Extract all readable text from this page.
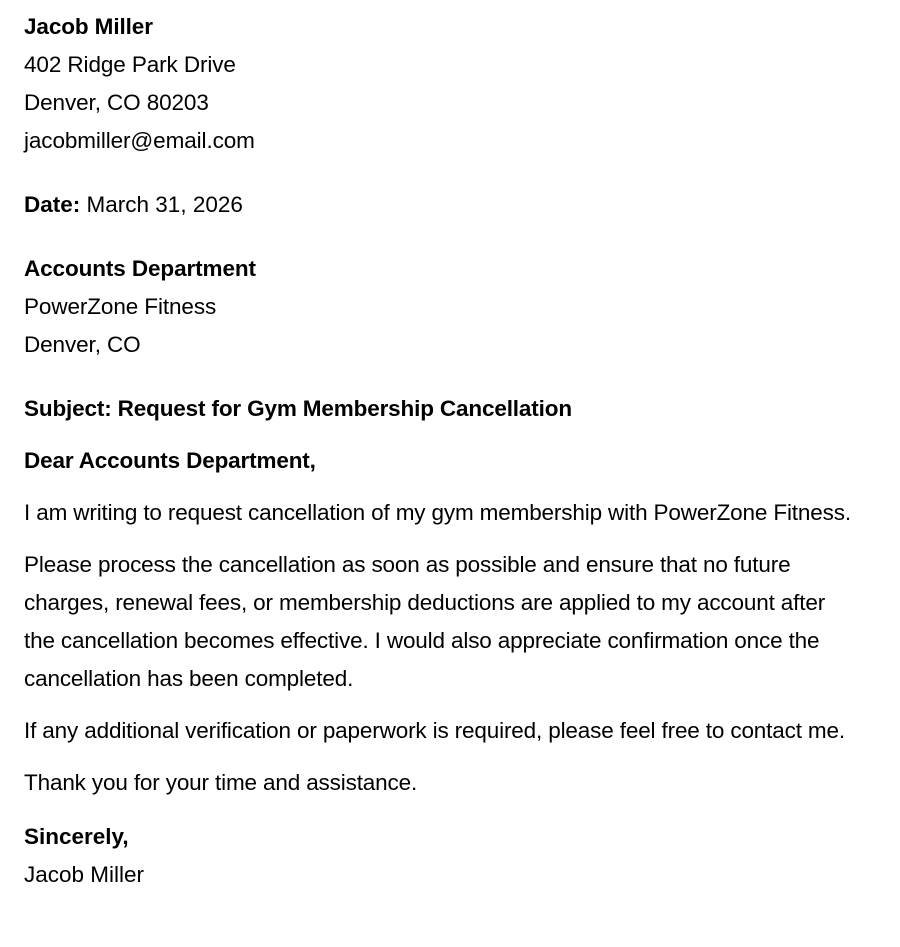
Jacob Miller
402 Ridge Park Drive
Denver, CO 80203
jacobmiller@email.com
Date: March 31, 2026
Accounts Department
PowerZone Fitness
Denver, CO
Subject: Request for Gym Membership Cancellation
Dear Accounts Department,

I am writing to request cancellation of my gym membership with PowerZone Fitness.

Please process the cancellation as soon as possible and ensure that no future charges, renewal fees, or membership deductions are applied to my account after the cancellation becomes effective. I would also appreciate confirmation once the cancellation has been completed.

If any additional verification or paperwork is required, please feel free to contact me.

Thank you for your time and assistance.

Sincerely,
Jacob Miller
